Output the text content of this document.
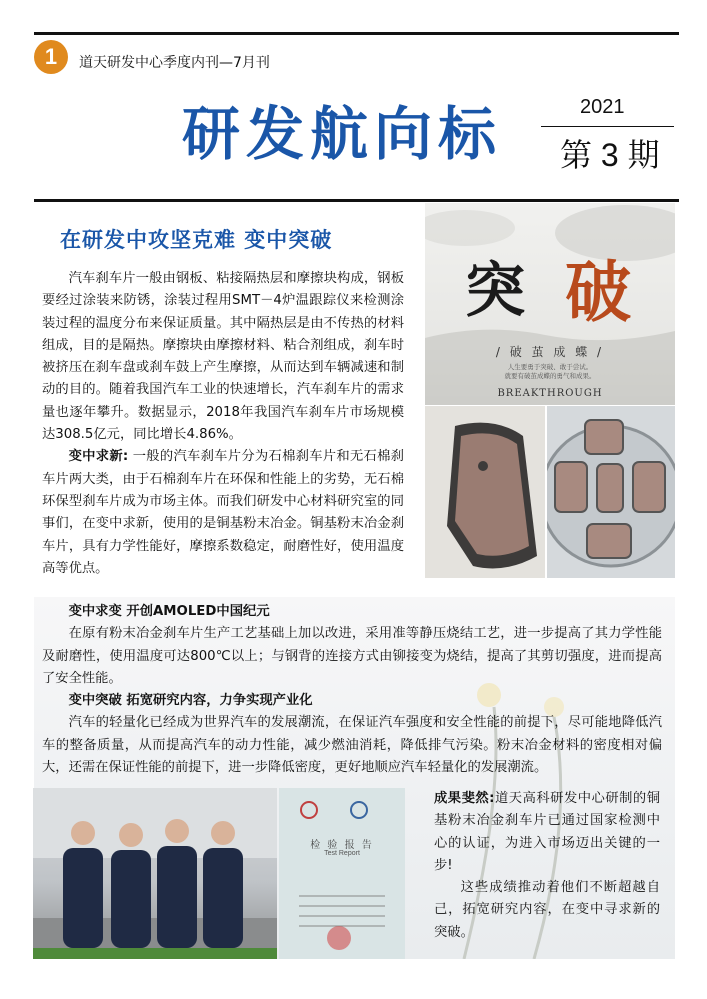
1	道天研发中心季度内刊—7月刊
研发航向标	2021
第 3 期
在研发中攻坚克难 变中突破

汽车刹车片一般由钢板、粘接隔热层和摩擦块构成，钢板要经过涂装来防锈，涂装过程用SMT－4炉温跟踪仪来检测涂装过程的温度分布来保证质量。其中隔热层是由不传热的材料组成，目的是隔热。摩擦块由摩擦材料、粘合剂组成，刹车时被挤压在刹车盘或刹车鼓上产生摩擦，从而达到车辆减速和制动的目的。随着我国汽车工业的快速增长，汽车刹车片的需求量也逐年攀升。数据显示，2018年我国汽车刹车片市场规模达308.5亿元，同比增长4.86%。

变中求新: 一般的汽车刹车片分为石棉刹车片和无石棉刹车片两大类，由于石棉刹车片在环保和性能上的劣势，无石棉环保型刹车片成为市场主体。而我们研发中心材料研究室的同事们，在变中求新，使用的是铜基粉末冶金。铜基粉末冶金刹车片，具有力学性能好，摩擦系数稳定，耐磨性好，使用温度高等优点。

突 破
/ 破 茧 成 蝶 /
人生要勇于突破、敢于尝试。
就要有破茧成蝶的勇气和成果。
BREAKTHROUGH

变中求变 开创AMOLED中国纪元

在原有粉末冶金刹车片生产工艺基础上加以改进，采用准等静压烧结工艺，进一步提高了其力学性能及耐磨性，使用温度可达800℃以上；与钢背的连接方式由铆接变为烧结，提高了其剪切强度，进而提高了安全性能。

变中突破 拓宽研究内容，力争实现产业化

汽车的轻量化已经成为世界汽车的发展潮流，在保证汽车强度和安全性能的前提下，尽可能地降低汽车的整备质量，从而提高汽车的动力性能，减少燃油消耗，降低排气污染。粉末冶金材料的密度相对偏大，还需在保证性能的前提下，进一步降低密度，更好地顺应汽车轻量化的发展潮流。

检 验 报 告
Test Report

成果斐然:道天高科研发中心研制的铜基粉末冶金刹车片已通过国家检测中心的认证，为进入市场迈出关键的一步!

这些成绩推动着他们不断超越自己，拓宽研究内容，在变中寻求新的突破。
